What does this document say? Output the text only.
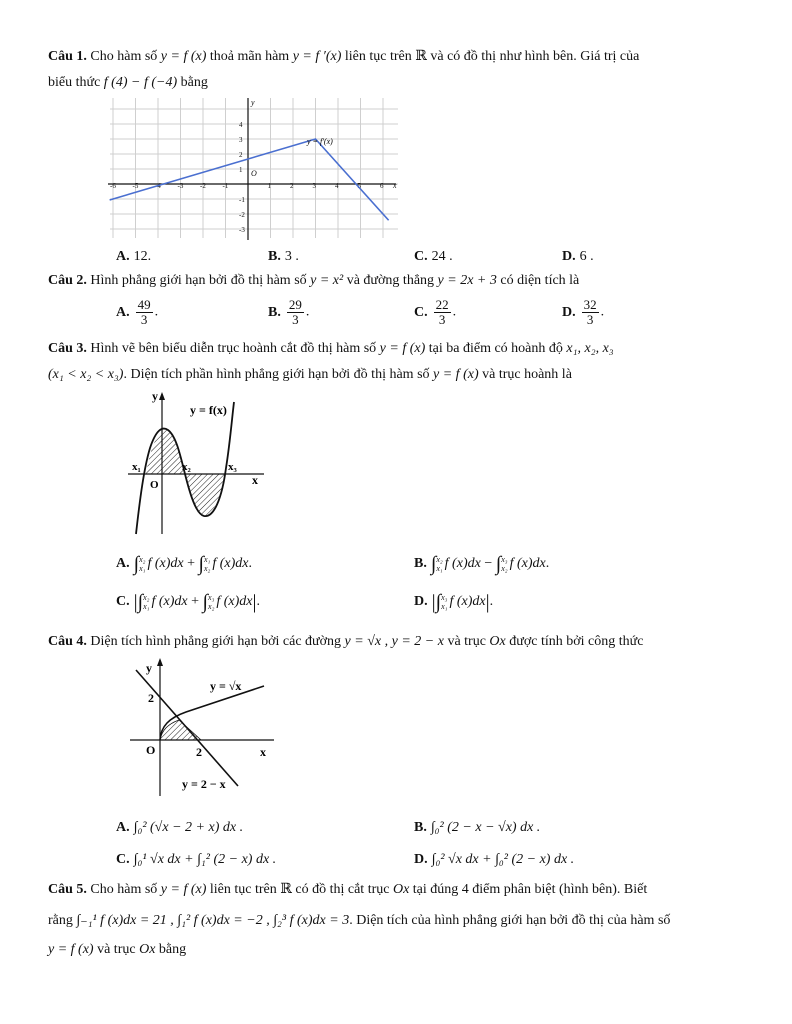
Câu 1. Cho hàm số y = f (x) thoả mãn hàm y = f ′(x) liên tục trên ℝ và có đồ thị như hình bên. Giá trị của
biểu thức f (4) − f (−4) bằng
x
y
O
-6 -5 -4 -3 -2 -1	1	2	3	4	5	6
4
3
2
1
-1
-2
-3
y = f′(x)
A. 12.	B. 3 .	C. 24 .	D. 6 .
Câu 2. Hình phẳng giới hạn bởi đồ thị hàm số y = x² và đường thẳng y = 2x + 3 có diện tích là
A. $\frac{49}{3}$ .	B. $\frac{29}{3}$ .	C. $\frac{22}{3}$ .	D. $\frac{32}{3}$ .
Câu 3. Hình vẽ bên biểu diễn trục hoành cắt đồ thị hàm số y = f (x) tại ba điểm có hoành độ x₁, x₂, x₃
(x₁ < x₂ < x₃). Diện tích phần hình phẳng giới hạn bởi đồ thị hàm số y = f (x) và trục hoành là
y
y = f(x)
x₁	x₂	x₃
O	x
A. ∫ x₂
x₁ f (x)dx + ∫ x₁
x₂ f (x)dx.	B. ∫ x₂
x₁ f (x)dx − ∫ x₃
x₂ f (x)dx.
C. |∫ x₂
x₁ f (x)dx + ∫ x₃
x₂ f (x)dx|.	D. |∫ x₃
x₁ f (x)dx|.
Câu 4. Diện tích hình phẳng giới hạn bởi các đường y = √x , y = 2 − x và trục Ox được tính bởi công thức
y
2
O	2	x
y = √x
y = 2 − x
A. ∫₀² (√x − 2 + x) dx .	B. ∫₀² (2 − x − √x) dx .
C. ∫₀¹ √x dx + ∫₁² (2 − x) dx .	D. ∫₀² √x dx + ∫₀² (2 − x) dx .
Câu 5. Cho hàm số y = f (x) liên tục trên ℝ có đồ thị cắt trục Ox tại đúng 4 điểm phân biệt (hình bên). Biết
rằng ∫₋₁¹ f (x)dx = 21 , ∫₁² f (x)dx = −2 , ∫₂³ f (x)dx = 3. Diện tích của hình phẳng giới hạn bởi đồ thị của hàm số
y = f (x) và trục Ox bằng
